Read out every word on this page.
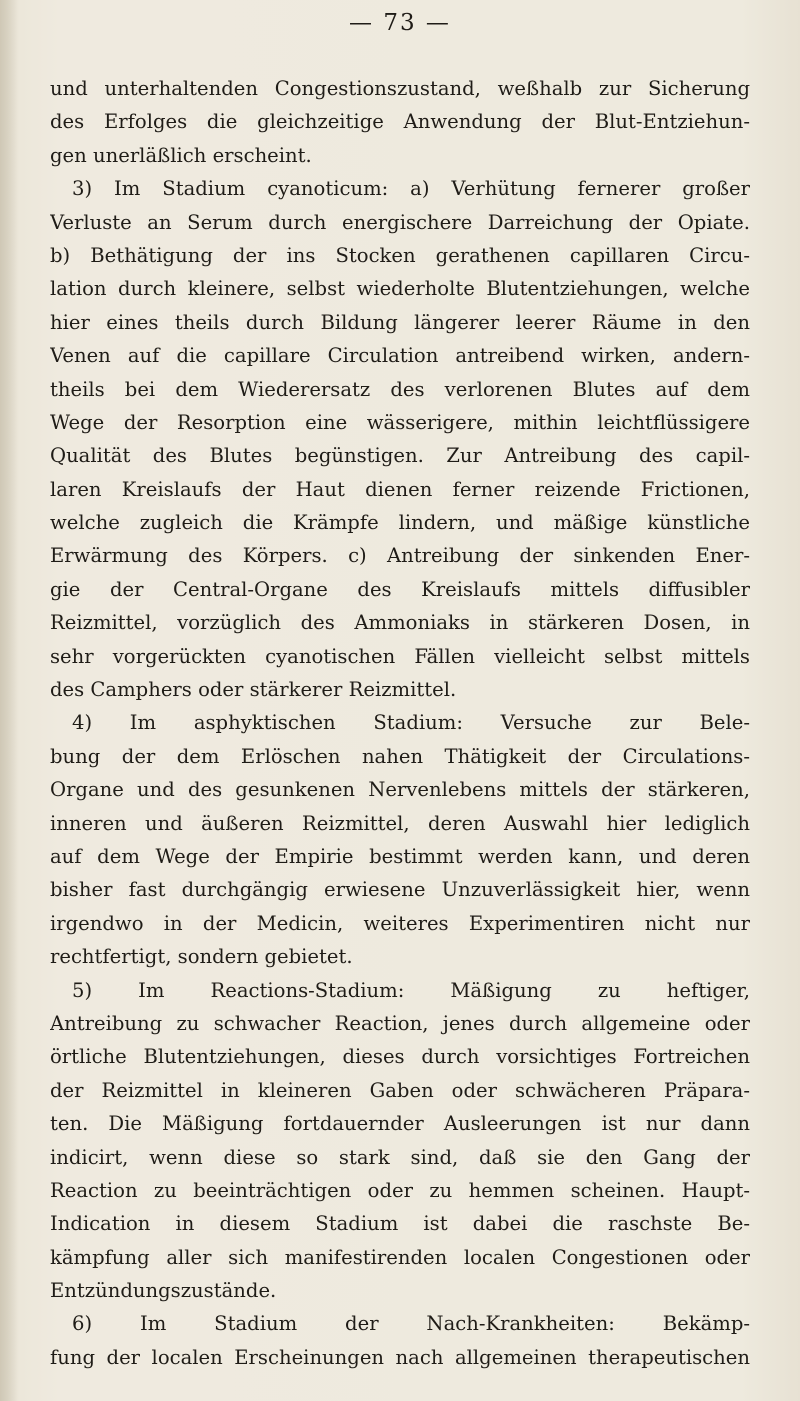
— 73 —
und unterhaltenden Congestionszustand, weßhalb zur Sicherung
des Erfolges die gleichzeitige Anwendung der Blut-Entziehun-
gen unerläßlich erscheint.
3) Im Stadium cyanoticum: a) Verhütung fernerer großer
Verluste an Serum durch energischere Darreichung der Opiate.
b) Bethätigung der ins Stocken gerathenen capillaren Circu-
lation durch kleinere, selbst wiederholte Blutentziehungen, welche
hier eines theils durch Bildung längerer leerer Räume in den
Venen auf die capillare Circulation antreibend wirken, andern-
theils bei dem Wiederersatz des verlorenen Blutes auf dem
Wege der Resorption eine wässerigere, mithin leichtflüssigere
Qualität des Blutes begünstigen. Zur Antreibung des capil-
laren Kreislaufs der Haut dienen ferner reizende Frictionen,
welche zugleich die Krämpfe lindern, und mäßige künstliche
Erwärmung des Körpers. c) Antreibung der sinkenden Ener-
gie der Central-Organe des Kreislaufs mittels diffusibler
Reizmittel, vorzüglich des Ammoniaks in stärkeren Dosen, in
sehr vorgerückten cyanotischen Fällen vielleicht selbst mittels
des Camphers oder stärkerer Reizmittel.
4) Im asphyktischen Stadium: Versuche zur Bele-
bung der dem Erlöschen nahen Thätigkeit der Circulations-
Organe und des gesunkenen Nervenlebens mittels der stärkeren,
inneren und äußeren Reizmittel, deren Auswahl hier lediglich
auf dem Wege der Empirie bestimmt werden kann, und deren
bisher fast durchgängig erwiesene Unzuverlässigkeit hier, wenn
irgendwo in der Medicin, weiteres Experimentiren nicht nur
rechtfertigt, sondern gebietet.
5) Im Reactions-Stadium: Mäßigung zu heftiger,
Antreibung zu schwacher Reaction, jenes durch allgemeine oder
örtliche Blutentziehungen, dieses durch vorsichtiges Fortreichen
der Reizmittel in kleineren Gaben oder schwächeren Präpara-
ten. Die Mäßigung fortdauernder Ausleerungen ist nur dann
indicirt, wenn diese so stark sind, daß sie den Gang der
Reaction zu beeinträchtigen oder zu hemmen scheinen. Haupt-
Indication in diesem Stadium ist dabei die raschste Be-
kämpfung aller sich manifestirenden localen Congestionen oder
Entzündungszustände.
6) Im Stadium der Nach-Krankheiten: Bekämp-
fung der localen Erscheinungen nach allgemeinen therapeutischen
